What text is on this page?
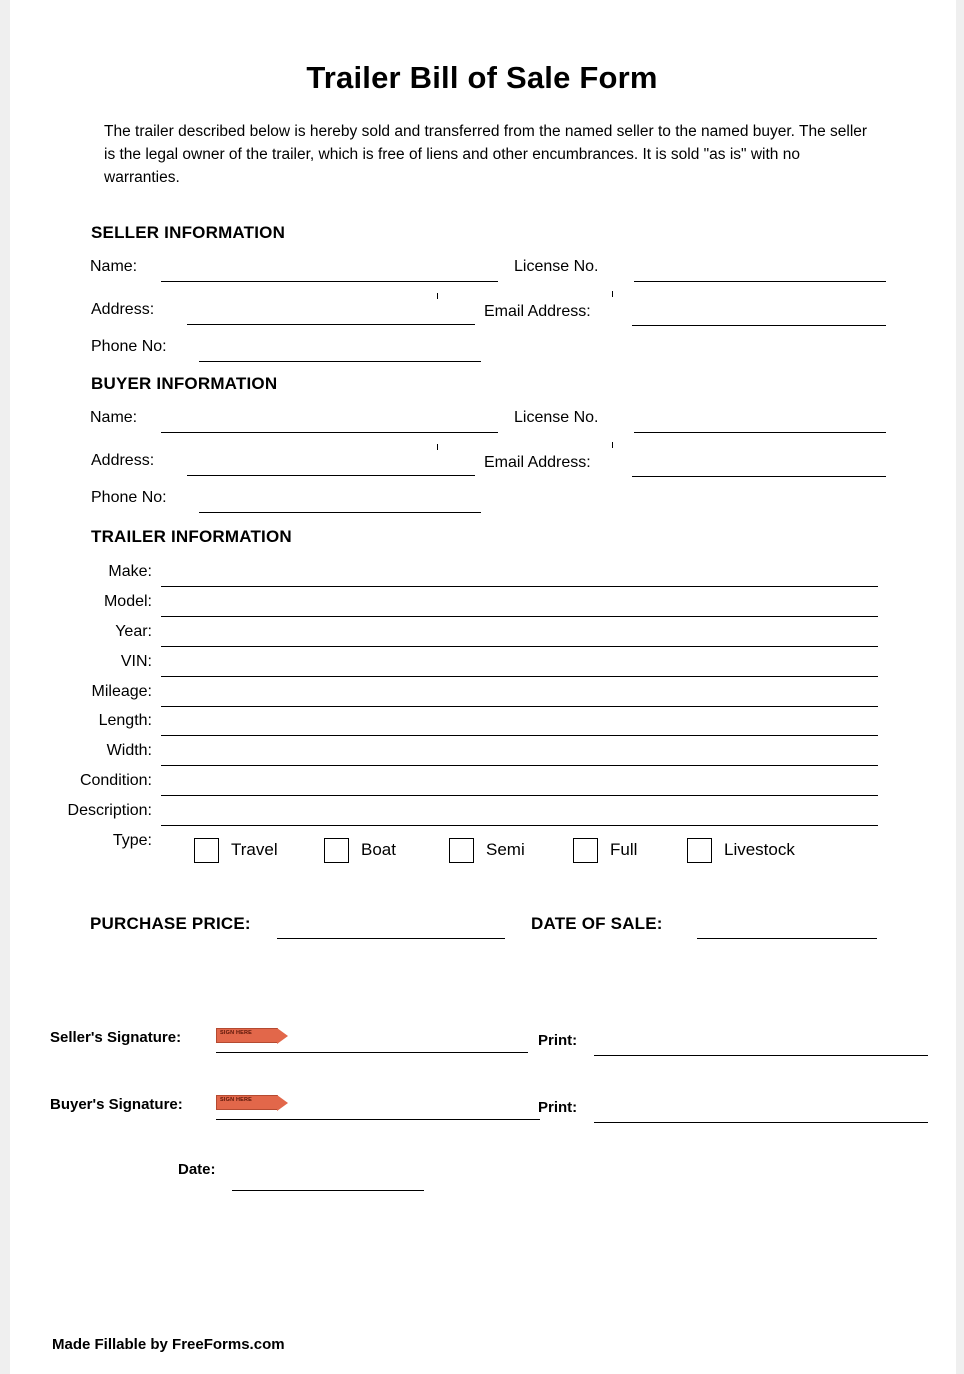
Trailer Bill of Sale Form
The trailer described below is hereby sold and transferred from the named seller to the named buyer. The seller is the legal owner of the trailer, which is free of liens and other encumbrances. It is sold "as is" with no warranties.
SELLER INFORMATION
Name:	License No.
Address:	Email Address:
Phone No:
BUYER INFORMATION
Name:	License No.
Address:	Email Address:
Phone No:
TRAILER INFORMATION
Make:
Model:
Year:
VIN:
Mileage:
Length:
Width:
Condition:
Description:
Type:	Travel	Boat	Semi	Full	Livestock
PURCHASE PRICE:	DATE OF SALE:
Seller's Signature:	SIGN HERE	Print:
Buyer's Signature:	SIGN HERE	Print:
Date:
Made Fillable by FreeForms.com
